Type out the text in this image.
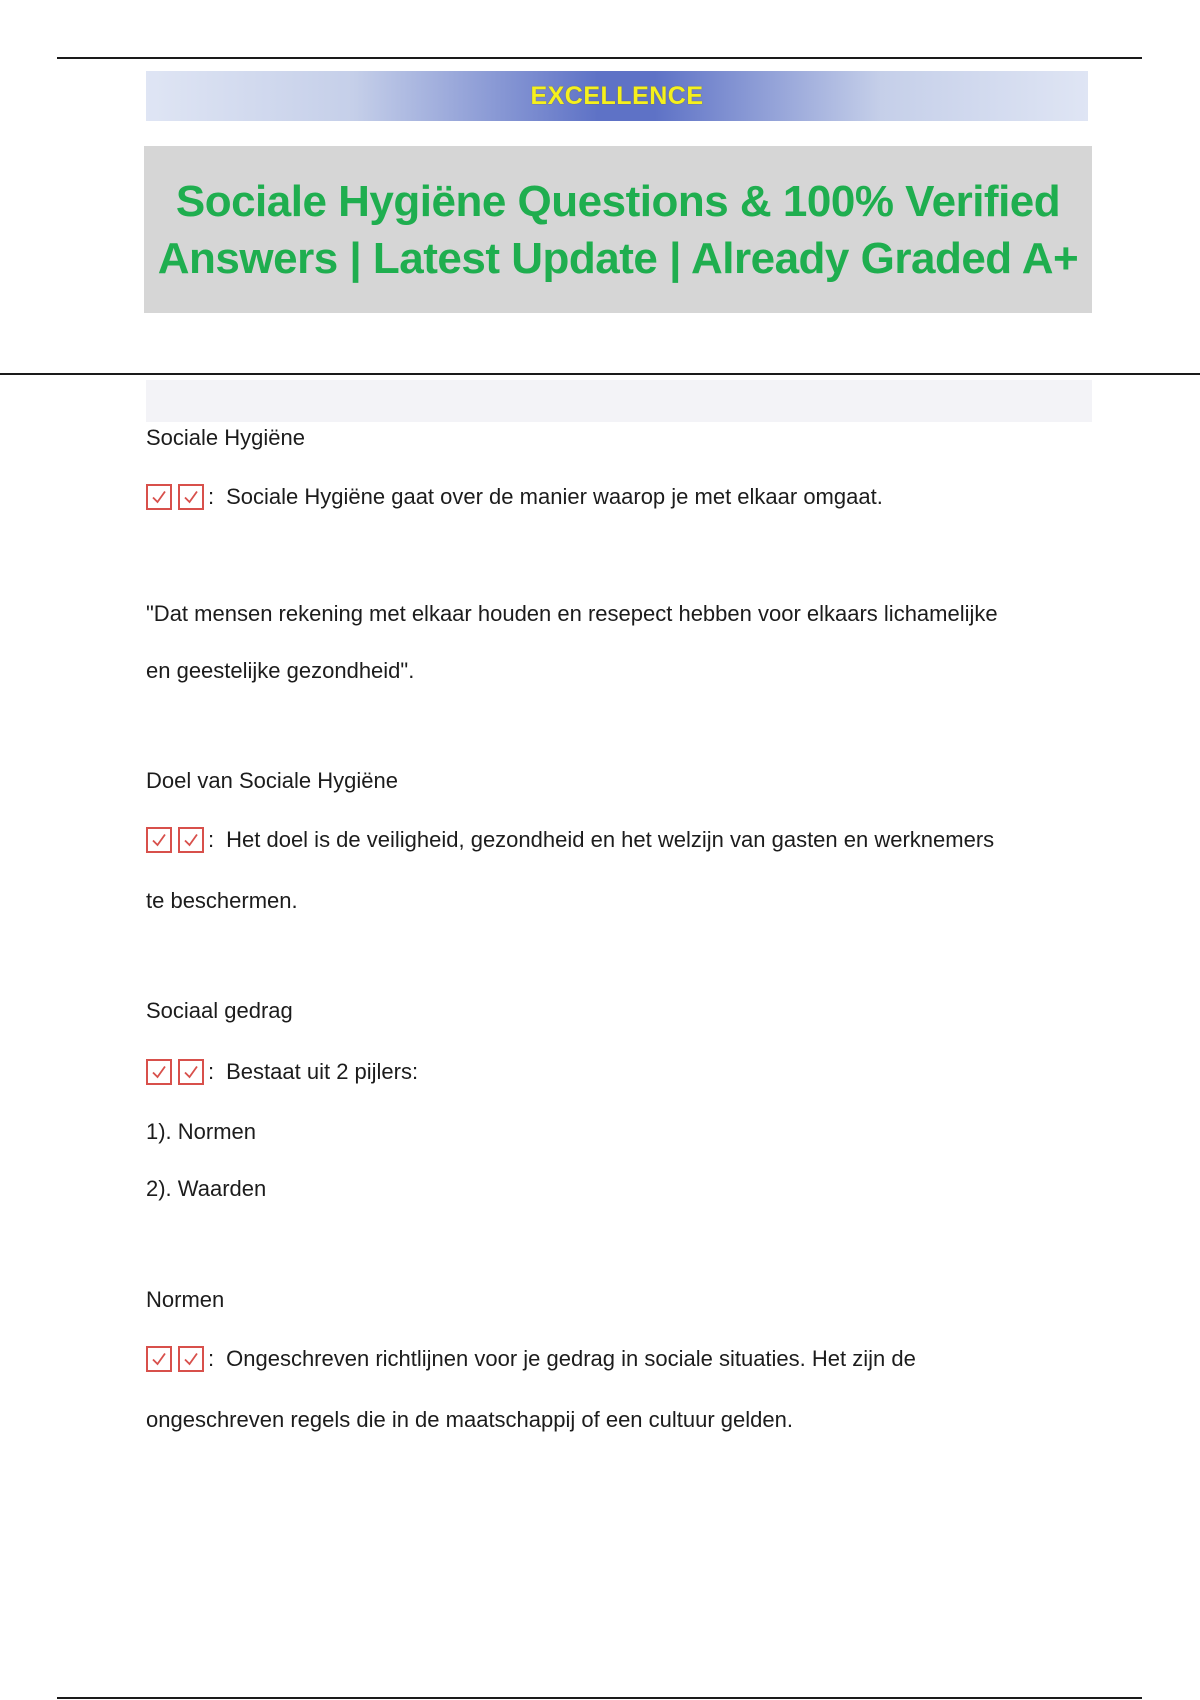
EXCELLENCE
Sociale Hygiëne Questions & 100% Verified Answers | Latest Update | Already Graded A+
Sociale Hygiëne
: Sociale Hygiëne gaat over de manier waarop je met elkaar omgaat.
"Dat mensen rekening met elkaar houden en resepect hebben voor elkaars lichamelijke
en geestelijke gezondheid".
Doel van Sociale Hygiëne
: Het doel is de veiligheid, gezondheid en het welzijn van gasten en werknemers
te beschermen.
Sociaal gedrag
: Bestaat uit 2 pijlers:
1). Normen
2). Waarden
Normen
: Ongeschreven richtlijnen voor je gedrag in sociale situaties. Het zijn de
ongeschreven regels die in de maatschappij of een cultuur gelden.
